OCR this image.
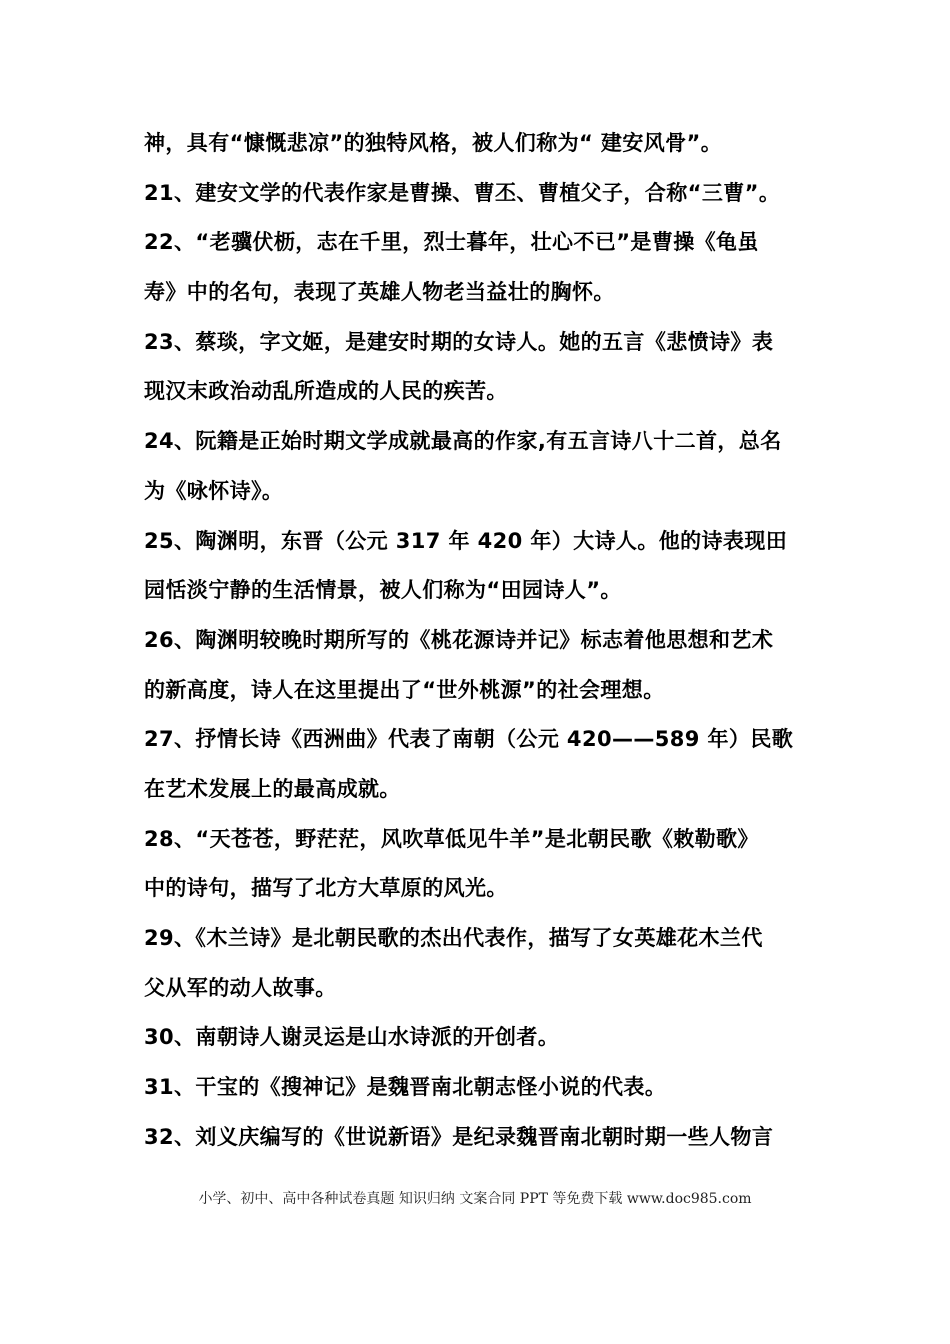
神，具有“慷慨悲凉”的独特风格，被人们称为“ 建安风骨”。
21、建安文学的代表作家是曹操、曹丕、曹植父子，合称“三曹”。
22、“老骥伏枥，志在千里，烈士暮年，壮心不已”是曹操《龟虽
寿》中的名句，表现了英雄人物老当益壮的胸怀。
23、蔡琰，字文姬，是建安时期的女诗人。她的五言《悲愤诗》表
现汉末政治动乱所造成的人民的疾苦。
24、阮籍是正始时期文学成就最高的作家,有五言诗八十二首，总名
为《咏怀诗》。
25、陶渊明，东晋（公元 317 年 420 年）大诗人。他的诗表现田
园恬淡宁静的生活情景，被人们称为“田园诗人”。
26、陶渊明较晚时期所写的《桃花源诗并记》标志着他思想和艺术
的新高度，诗人在这里提出了“世外桃源”的社会理想。
27、抒情长诗《西洲曲》代表了南朝（公元 420——589 年）民歌
在艺术发展上的最高成就。
28、“天苍苍，野茫茫，风吹草低见牛羊”是北朝民歌《敕勒歌》
中的诗句，描写了北方大草原的风光。
29、《木兰诗》是北朝民歌的杰出代表作，描写了女英雄花木兰代
父从军的动人故事。
30、南朝诗人谢灵运是山水诗派的开创者。
31、干宝的《搜神记》是魏晋南北朝志怪小说的代表。
32、刘义庆编写的《世说新语》是纪录魏晋南北朝时期一些人物言
小学、初中、高中各种试卷真题 知识归纳 文案合同 PPT 等免费下载 www.doc985.com
